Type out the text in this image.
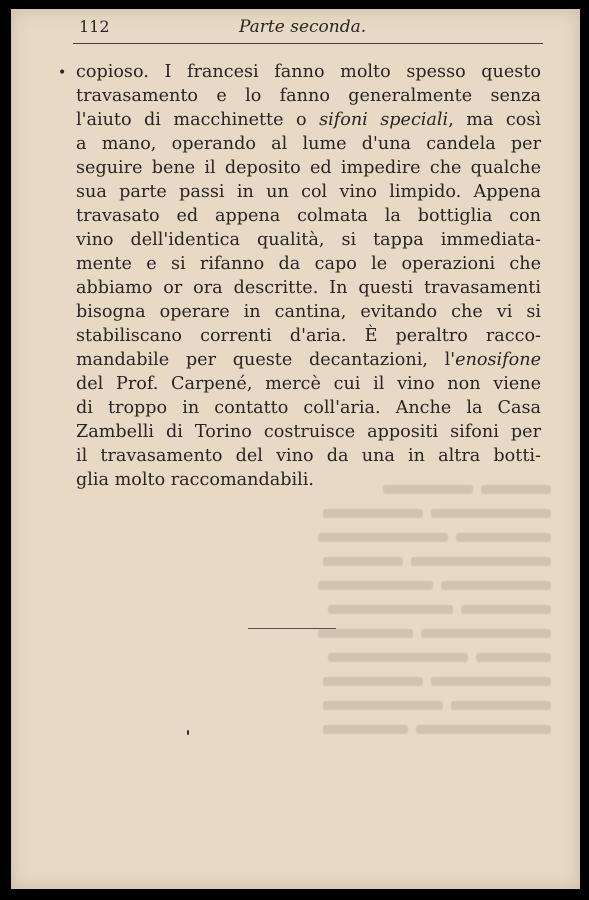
112	Parte seconda.
• copioso. I francesi fanno molto spesso questo
travasamento e lo fanno generalmente senza
l'aiuto di macchinette o sifoni speciali, ma così
a mano, operando al lume d'una candela per
seguire bene il deposito ed impedire che qualche
sua parte passi in un col vino limpido. Appena
travasato ed appena colmata la bottiglia con
vino dell'identica qualità, si tappa immediata-
mente e si rifanno da capo le operazioni che
abbiamo or ora descritte. In questi travasamenti
bisogna operare in cantina, evitando che vi si
stabiliscano correnti d'aria. È peraltro racco-
mandabile per queste decantazioni, l'enosifone
del Prof. Carpené, mercè cui il vino non viene
di troppo in contatto coll'aria. Anche la Casa
Zambelli di Torino costruisce appositi sifoni per
il travasamento del vino da una in altra botti-
glia molto raccomandabili.
